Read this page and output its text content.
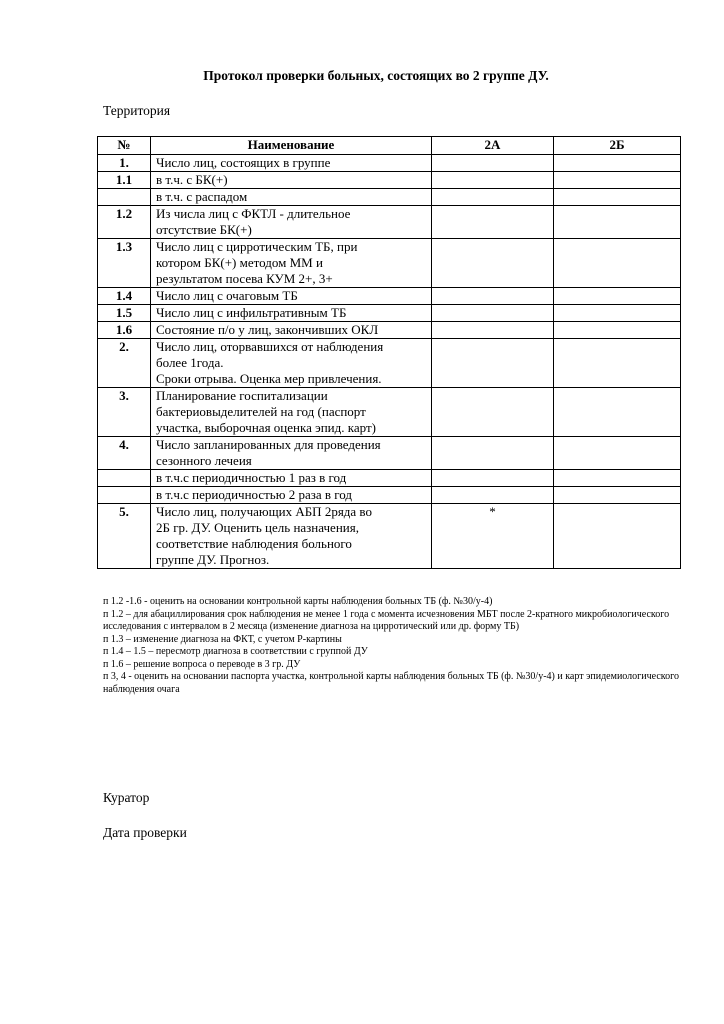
Протокол проверки больных, состоящих во 2 группе ДУ.
Территория
№	Наименование	2А	2Б
1.	Число лиц, состоящих в группе		
1.1	в т.ч. с БК(+)		
	в т.ч. с распадом		
1.2	Из числа лиц с ФКТЛ - длительное
отсутствие БК(+)		
1.3	Число лиц с цирротическим ТБ, при
котором БК(+) методом ММ и
результатом посева КУМ 2+, 3+		
1.4	Число лиц с очаговым ТБ		
1.5	Число лиц с инфильтративным ТБ		
1.6	Состояние п/о у лиц, закончивших ОКЛ		
2.	Число лиц, оторвавшихся от наблюдения
более 1года.
Сроки отрыва. Оценка мер привлечения.		
3.	Планирование госпитализации
бактериовыделителей на год (паспорт
участка, выборочная оценка эпид. карт)		
4.	Число запланированных для проведения
сезонного лечеия		
	в т.ч.с периодичностью 1 раз в год		
	в т.ч.с периодичностью 2 раза в год		
5.	Число лиц, получающих АБП 2ряда во
2Б гр. ДУ. Оценить цель назначения,
соответствие наблюдения больного
группе ДУ. Прогноз.	*	
п 1.2 -1.6 - оценить на основании контрольной карты наблюдения больных ТБ (ф. №30/у-4)
п 1.2 – для абациллирования срок наблюдения не менее 1 года с момента исчезновения МБТ после 2-кратного микробиологического исследования с интервалом в 2 месяца (изменение диагноза на цирротический или др. форму ТБ)
п 1.3 – изменение диагноза на ФКТ, с учетом Р-картины
п 1.4 – 1.5 – пересмотр диагноза в соответствии с группой ДУ
п 1.6 – решение вопроса о переводе в 3 гр. ДУ
п 3, 4 - оценить на основании паспорта участка, контрольной карты наблюдения больных ТБ (ф. №30/у-4) и карт эпидемиологического наблюдения очага
Куратор
Дата проверки
